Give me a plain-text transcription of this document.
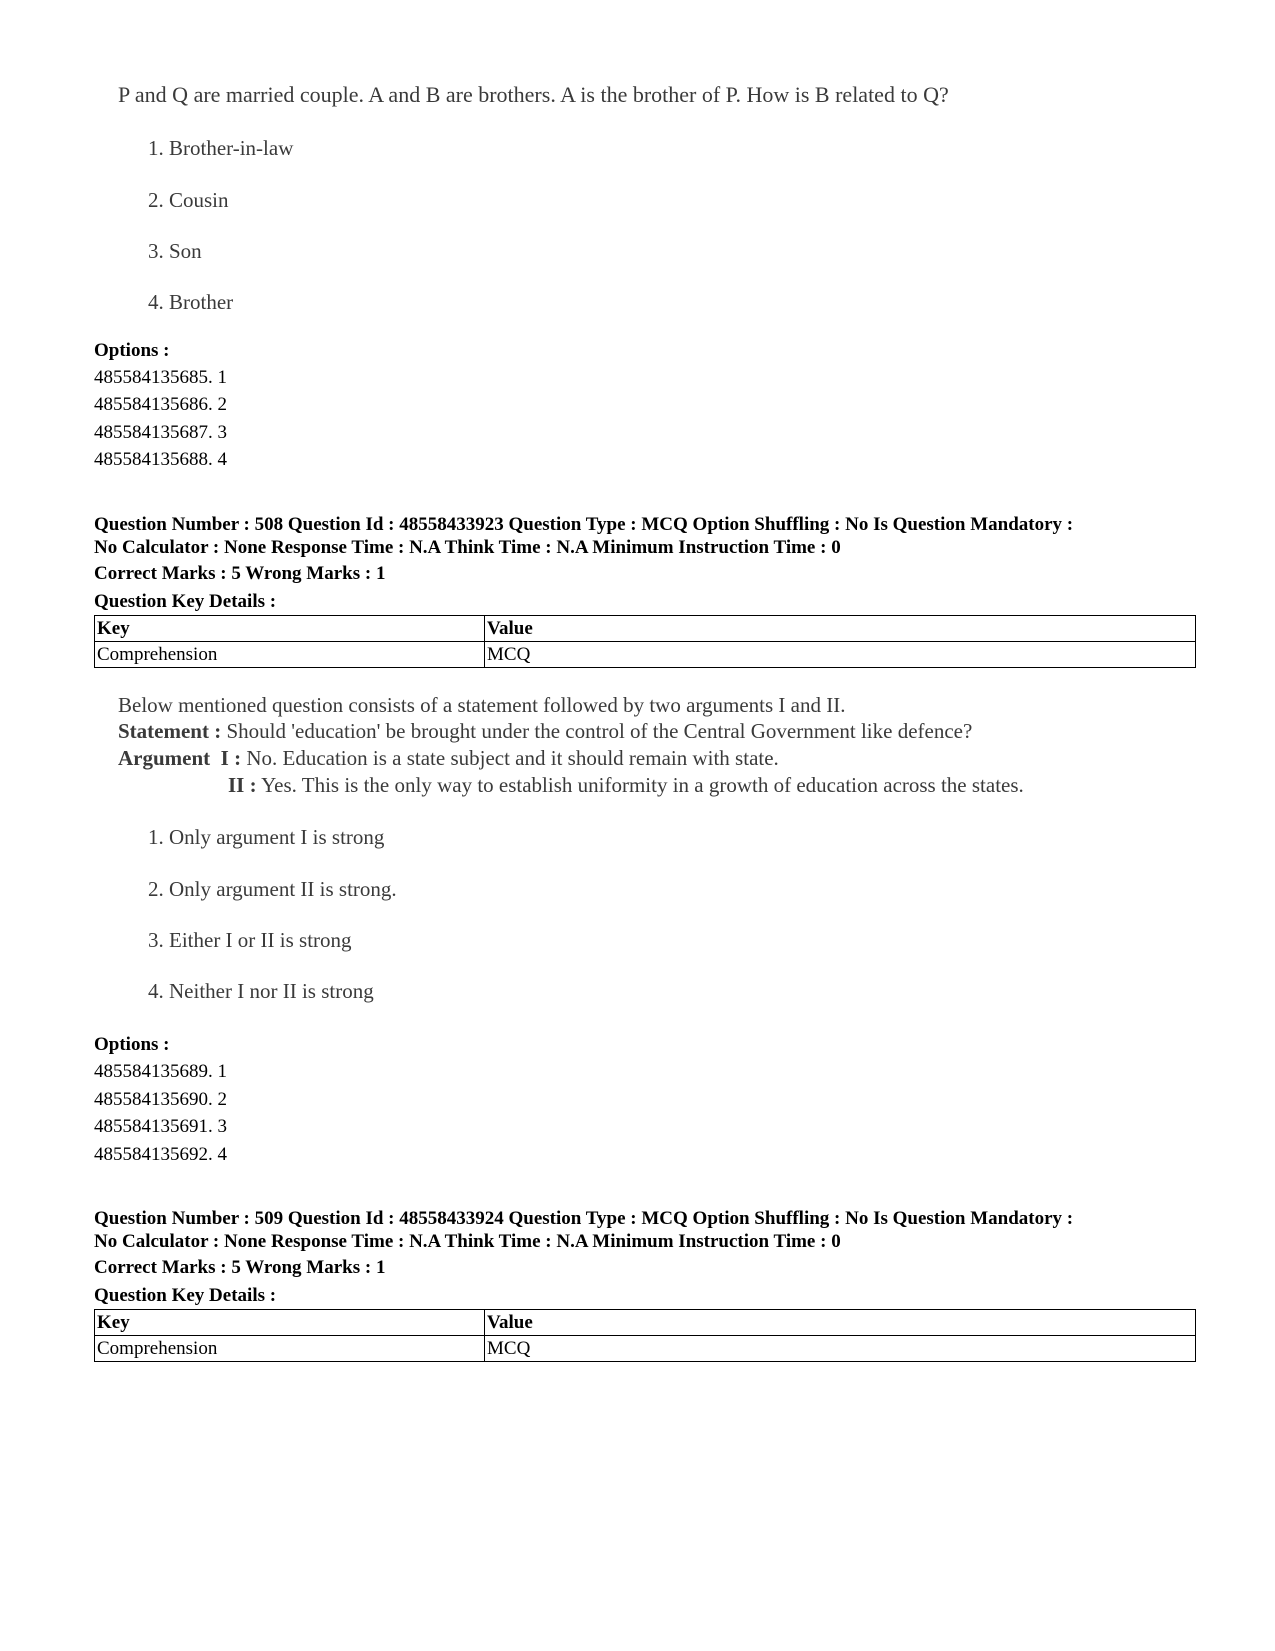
P and Q are married couple. A and B are brothers. A is the brother of P. How is B related to Q?
1. Brother-in-law
2. Cousin
3. Son
4. Brother
Options :
485584135685. 1
485584135686. 2
485584135687. 3
485584135688. 4
Question Number : 508 Question Id : 48558433923 Question Type : MCQ Option Shuffling : No Is Question Mandatory :
No Calculator : None Response Time : N.A Think Time : N.A Minimum Instruction Time : 0
Correct Marks : 5 Wrong Marks : 1
Question Key Details :
Key	Value
Comprehension	MCQ
Below mentioned question consists of a statement followed by two arguments I and II.
Statement : Should 'education' be brought under the control of the Central Government like defence?
Argument I : No. Education is a state subject and it should remain with state.
II : Yes. This is the only way to establish uniformity in a growth of education across the states.
1. Only argument I is strong
2. Only argument II is strong.
3. Either I or II is strong
4. Neither I nor II is strong
Options :
485584135689. 1
485584135690. 2
485584135691. 3
485584135692. 4
Question Number : 509 Question Id : 48558433924 Question Type : MCQ Option Shuffling : No Is Question Mandatory :
No Calculator : None Response Time : N.A Think Time : N.A Minimum Instruction Time : 0
Correct Marks : 5 Wrong Marks : 1
Question Key Details :
Key	Value
Comprehension	MCQ
